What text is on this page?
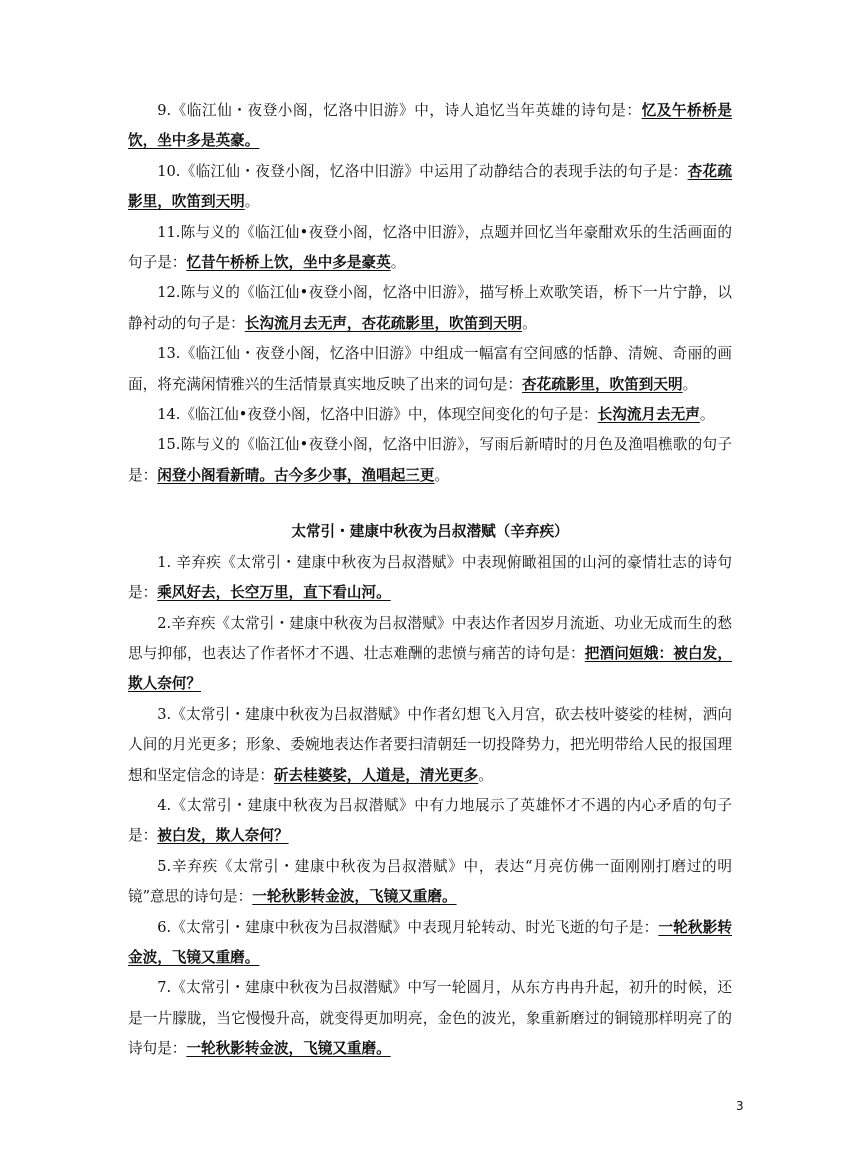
9.《临江仙・夜登小阁，忆洛中旧游》中，诗人追忆当年英雄的诗句是：忆及午桥桥是饮，坐中多是英豪。

10.《临江仙・夜登小阁，忆洛中旧游》中运用了动静结合的表现手法的句子是：杏花疏影里，吹笛到天明。

11.陈与义的《临江仙•夜登小阁，忆洛中旧游》，点题并回忆当年豪酣欢乐的生活画面的句子是：忆昔午桥桥上饮，坐中多是豪英。

12.陈与义的《临江仙•夜登小阁，忆洛中旧游》，描写桥上欢歌笑语，桥下一片宁静，以静衬动的句子是：长沟流月去无声，杏花疏影里，吹笛到天明。

13.《临江仙・夜登小阁，忆洛中旧游》中组成一幅富有空间感的恬静、清婉、奇丽的画面，将充满闲情雅兴的生活情景真实地反映了出来的词句是：杏花疏影里，吹笛到天明。

14.《临江仙•夜登小阁，忆洛中旧游》中，体现空间变化的句子是：长沟流月去无声。

15.陈与义的《临江仙•夜登小阁，忆洛中旧游》，写雨后新晴时的月色及渔唱樵歌的句子是：闲登小阁看新晴。古今多少事，渔唱起三更。

太常引・建康中秋夜为吕叔潜赋（辛弃疾）

1. 辛弃疾《太常引・建康中秋夜为吕叔潜赋》中表现俯瞰祖国的山河的豪情壮志的诗句是：乘风好去，长空万里，直下看山河。

2.辛弃疾《太常引・建康中秋夜为吕叔潜赋》中表达作者因岁月流逝、功业无成而生的愁思与抑郁，也表达了作者怀才不遇、壮志难酬的悲愤与痛苦的诗句是：把酒问姮娥：被白发，欺人奈何？

3.《太常引・建康中秋夜为吕叔潜赋》中作者幻想飞入月宫，砍去枝叶婆娑的桂树，洒向人间的月光更多；形象、委婉地表达作者要扫清朝廷一切投降势力，把光明带给人民的报国理想和坚定信念的诗是：斫去桂婆娑，人道是，清光更多。

4.《太常引・建康中秋夜为吕叔潜赋》中有力地展示了英雄怀才不遇的内心矛盾的句子是：被白发，欺人奈何？

5.辛弃疾《太常引・建康中秋夜为吕叔潜赋》中，表达“月亮仿佛一面刚刚打磨过的明镜”意思的诗句是：一轮秋影转金波，飞镜又重磨。

6.《太常引・建康中秋夜为吕叔潜赋》中表现月轮转动、时光飞逝的句子是：一轮秋影转金波，飞镜又重磨。

7.《太常引・建康中秋夜为吕叔潜赋》中写一轮圆月，从东方冉冉升起，初升的时候，还是一片朦胧，当它慢慢升高，就变得更加明亮，金色的波光，象重新磨过的铜镜那样明亮了的诗句是：一轮秋影转金波，飞镜又重磨。

3
